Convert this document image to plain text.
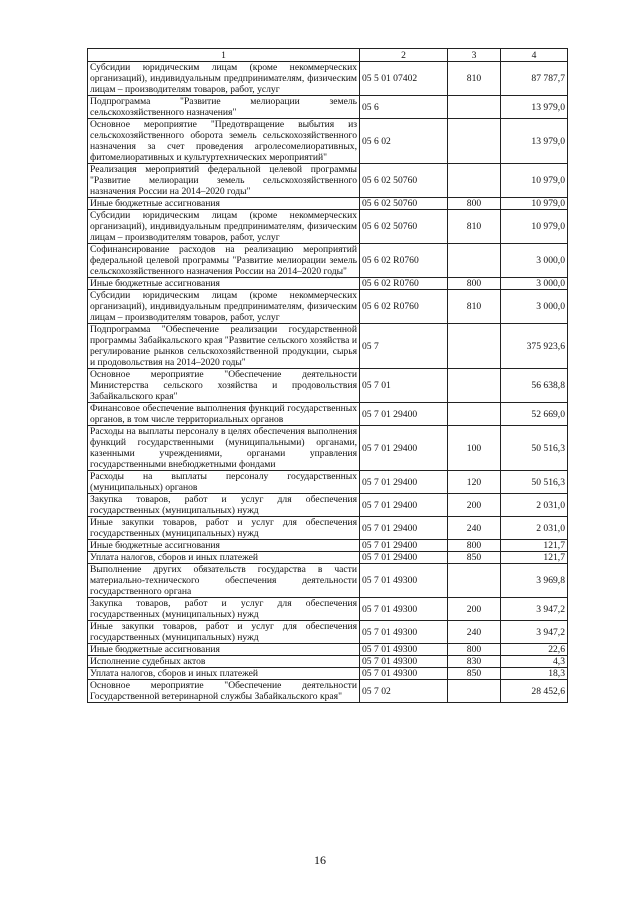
1	2	3	4
Субсидии юридическим лицам (кроме некоммерческих организаций), индивидуальным предпринимателям, физическим лицам – производителям товаров, работ, услуг	05 5 01 07402	810	87 787,7
Подпрограмма "Развитие мелиорации земель сельскохозяйственного назначения"	05 6		13 979,0
Основное мероприятие "Предотвращение выбытия из сельскохозяйственного оборота земель сельскохозяйственного назначения за счет проведения агролесомелиоративных, фитомелиоративных и культуртехнических мероприятий"	05 6 02		13 979,0
Реализация мероприятий федеральной целевой программы "Развитие мелиорации земель сельскохозяйственного назначения России на 2014–2020 годы"	05 6 02 50760		10 979,0
Иные бюджетные ассигнования	05 6 02 50760	800	10 979,0
Субсидии юридическим лицам (кроме некоммерческих организаций), индивидуальным предпринимателям, физическим лицам – производителям товаров, работ, услуг	05 6 02 50760	810	10 979,0
Софинансирование расходов на реализацию мероприятий федеральной целевой программы "Развитие мелиорации земель сельскохозяйственного назначения России на 2014–2020 годы"	05 6 02 R0760		3 000,0
Иные бюджетные ассигнования	05 6 02 R0760	800	3 000,0
Субсидии юридическим лицам (кроме некоммерческих организаций), индивидуальным предпринимателям, физическим лицам – производителям товаров, работ, услуг	05 6 02 R0760	810	3 000,0
Подпрограмма "Обеспечение реализации государственной программы Забайкальского края "Развитие сельского хозяйства и регулирование рынков сельскохозяйственной продукции, сырья и продовольствия на 2014–2020 годы"	05 7		375 923,6
Основное мероприятие "Обеспечение деятельности Министерства сельского хозяйства и продовольствия Забайкальского края"	05 7 01		56 638,8
Финансовое обеспечение выполнения функций государственных органов, в том числе территориальных органов	05 7 01 29400		52 669,0
Расходы на выплаты персоналу в целях обеспечения выполнения функций государственными (муниципальными) органами, казенными учреждениями, органами управления государственными внебюджетными фондами	05 7 01 29400	100	50 516,3
Расходы на выплаты персоналу государственных (муниципальных) органов	05 7 01 29400	120	50 516,3
Закупка товаров, работ и услуг для обеспечения государственных (муниципальных) нужд	05 7 01 29400	200	2 031,0
Иные закупки товаров, работ и услуг для обеспечения государственных (муниципальных) нужд	05 7 01 29400	240	2 031,0
Иные бюджетные ассигнования	05 7 01 29400	800	121,7
Уплата налогов, сборов и иных платежей	05 7 01 29400	850	121,7
Выполнение других обязательств государства в части материально-технического обеспечения деятельности государственного органа	05 7 01 49300		3 969,8
Закупка товаров, работ и услуг для обеспечения государственных (муниципальных) нужд	05 7 01 49300	200	3 947,2
Иные закупки товаров, работ и услуг для обеспечения государственных (муниципальных) нужд	05 7 01 49300	240	3 947,2
Иные бюджетные ассигнования	05 7 01 49300	800	22,6
Исполнение судебных актов	05 7 01 49300	830	4,3
Уплата налогов, сборов и иных платежей	05 7 01 49300	850	18,3
Основное мероприятие "Обеспечение деятельности Государственной ветеринарной службы Забайкальского края"	05 7 02		28 452,6
16
